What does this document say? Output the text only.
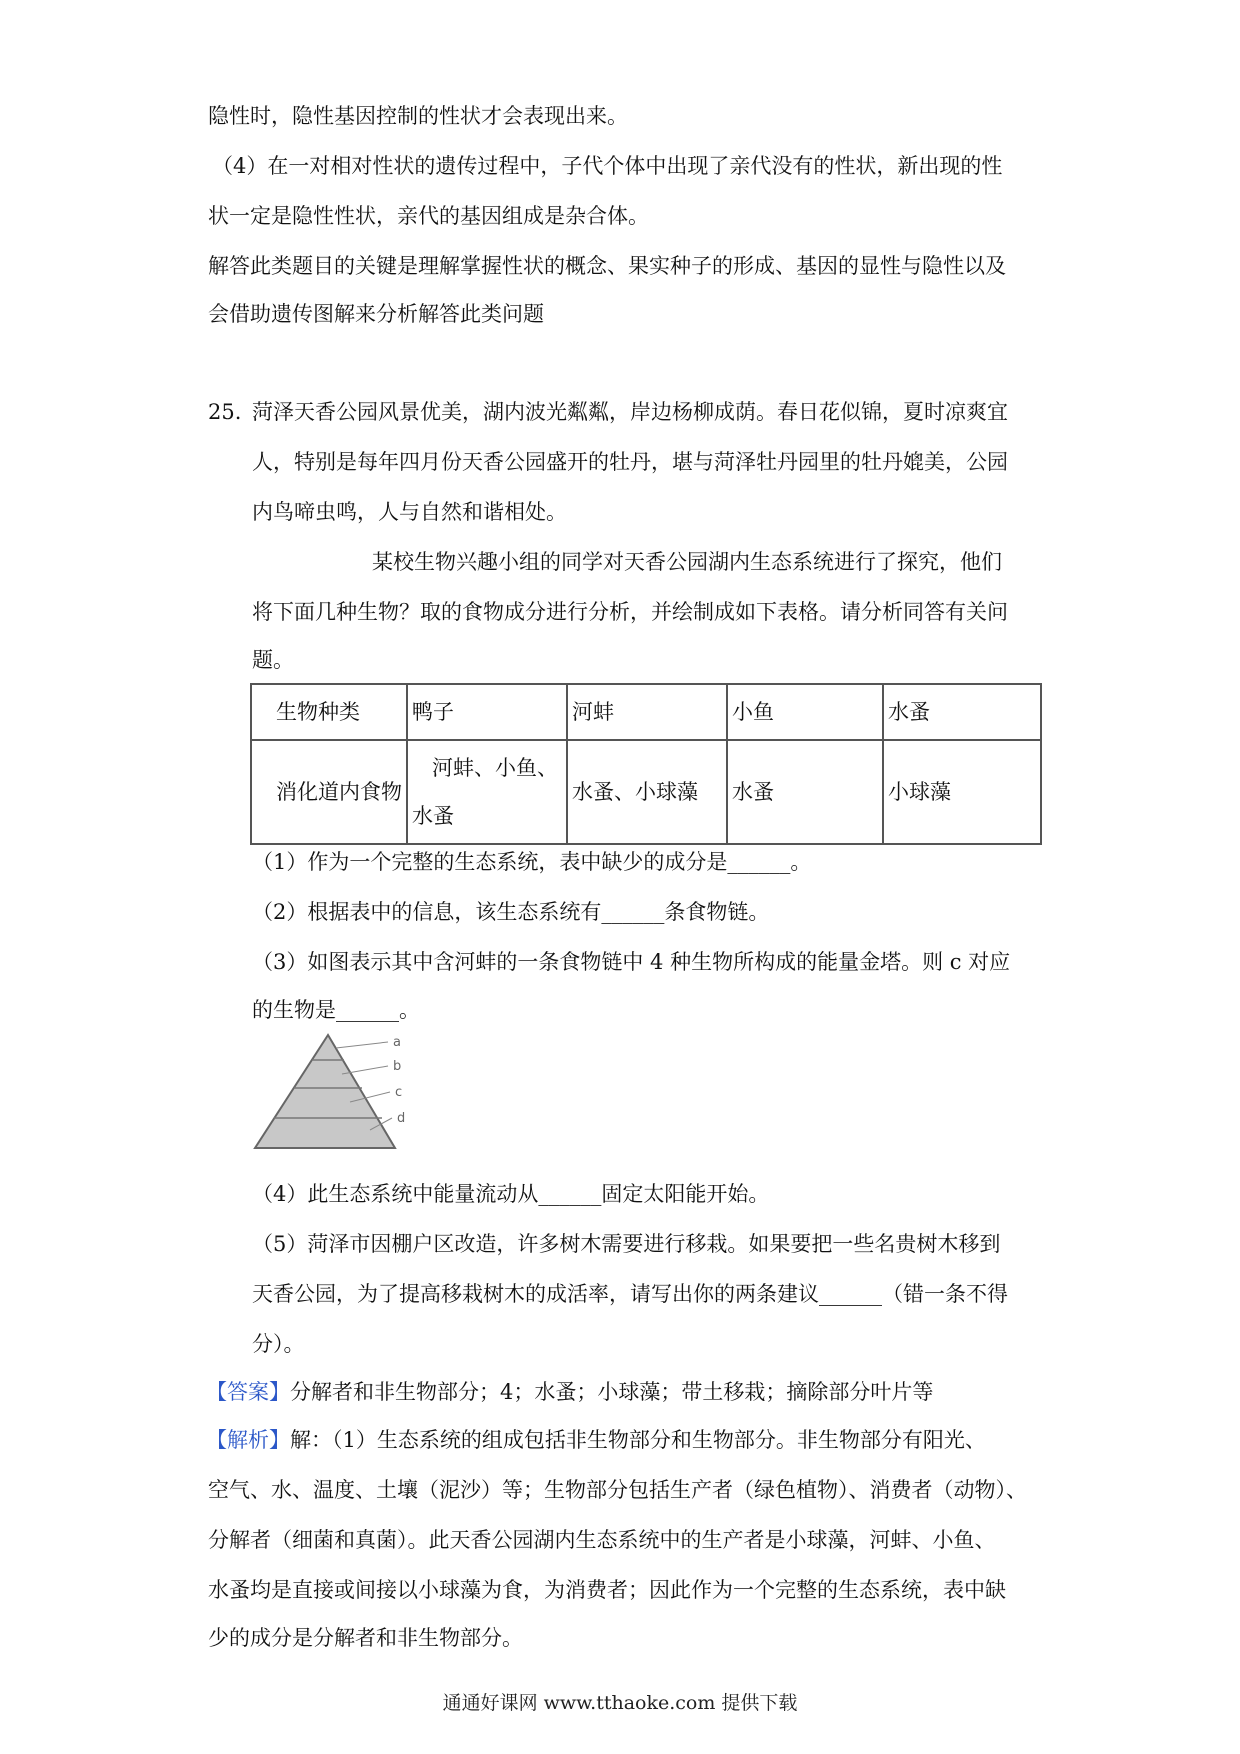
隐性时，隐性基因控制的性状才会表现出来。
（4）在一对相对性状的遗传过程中，子代个体中出现了亲代没有的性状，新出现的性
状一定是隐性性状，亲代的基因组成是杂合体。
解答此类题目的关键是理解掌握性状的概念、果实种子的形成、基因的显性与隐性以及
会借助遗传图解来分析解答此类问题
25. 菏泽天香公园风景优美，湖内波光粼粼，岸边杨柳成荫。春日花似锦，夏时凉爽宜
人，特别是每年四月份天香公园盛开的牡丹，堪与菏泽牡丹园里的牡丹媲美，公园
内鸟啼虫鸣，人与自然和谐相处。
某校生物兴趣小组的同学对天香公园湖内生态系统进行了探究，他们
将下面几种生物？取的食物成分进行分析，并绘制成如下表格。请分析同答有关问
题。
生物种类	鸭子	河蚌	小鱼	水蚤
消化道内食物	河蚌、小鱼、水蚤	水蚤、小球藻	水蚤	小球藻
（1）作为一个完整的生态系统，表中缺少的成分是______。
（2）根据表中的信息，该生态系统有______条食物链。
（3）如图表示其中含河蚌的一条食物链中 4 种生物所构成的能量金塔。则 c 对应
的生物是______。
a
b
c
d
（4）此生态系统中能量流动从______固定太阳能开始。
（5）菏泽市因棚户区改造，许多树木需要进行移栽。如果要把一些名贵树木移到
天香公园，为了提高移栽树木的成活率，请写出你的两条建议______（错一条不得
分）。
【答案】分解者和非生物部分；4；水蚤；小球藻；带土移栽；摘除部分叶片等
【解析】解：（1）生态系统的组成包括非生物部分和生物部分。非生物部分有阳光、
空气、水、温度、土壤（泥沙）等；生物部分包括生产者（绿色植物）、消费者（动物）、
分解者（细菌和真菌）。此天香公园湖内生态系统中的生产者是小球藻，河蚌、小鱼、
水蚤均是直接或间接以小球藻为食，为消费者；因此作为一个完整的生态系统，表中缺
少的成分是分解者和非生物部分。
通通好课网 www.tthaoke.com 提供下载
